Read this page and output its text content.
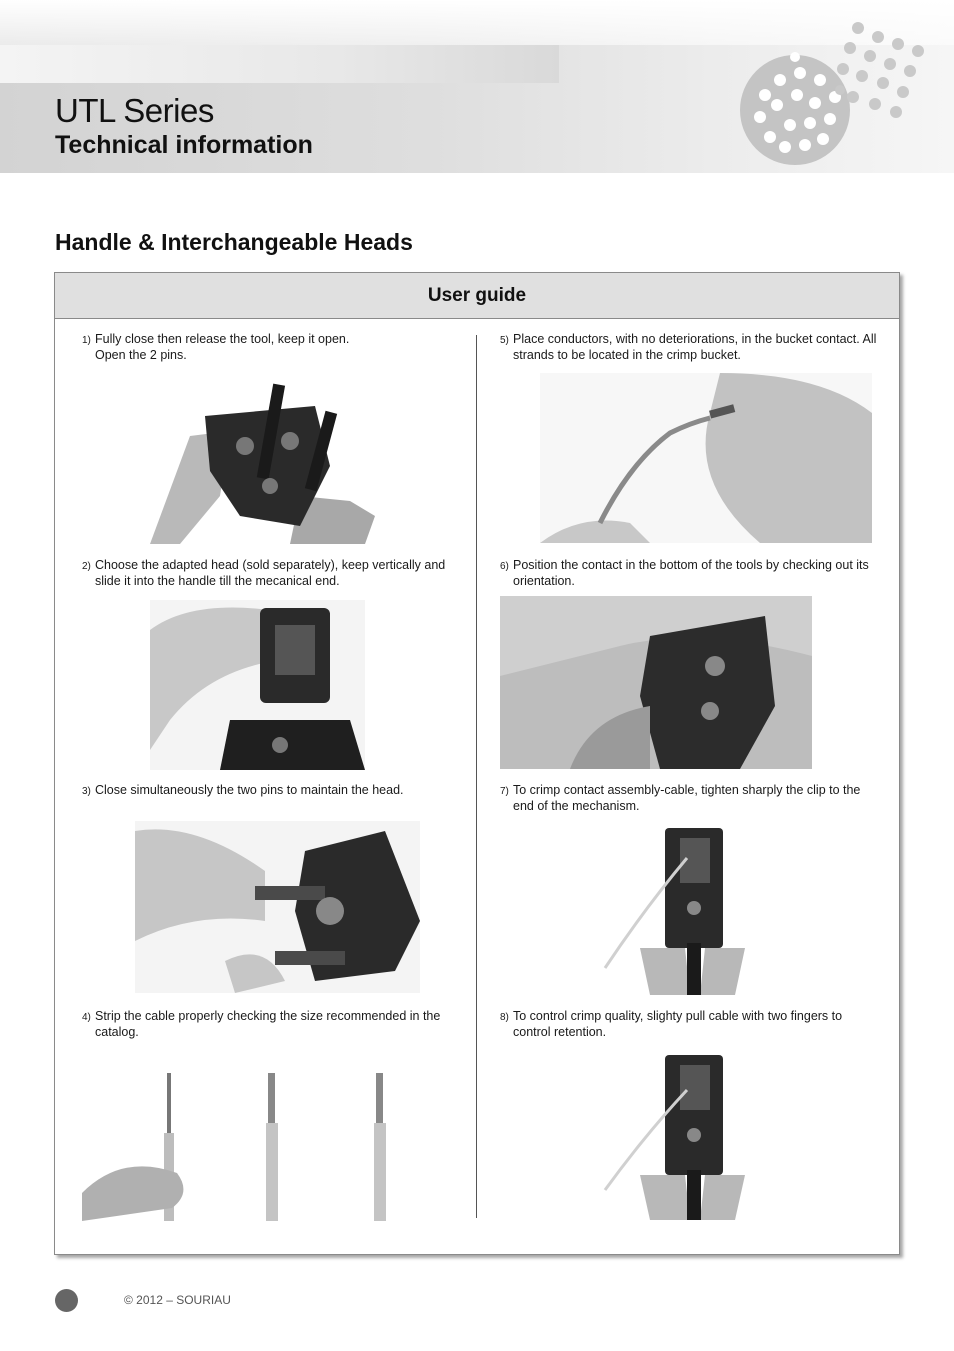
UTL Series
Technical information
Handle & Interchangeable Heads
User guide
1) Fully close then release the tool, keep it open.
Open the 2 pins.
2) Choose the adapted head (sold separately), keep vertically and slide it into the handle till the mecanical end.
3) Close simultaneously the two pins to maintain the head.
4) Strip the cable properly checking the size recommended in the catalog.
5) Place conductors, with no deteriorations, in the bucket contact. All strands to be located in the crimp bucket.
6) Position the contact in the bottom of the tools by checking out its orientation.
7) To crimp contact assembly-cable, tighten sharply the clip to the end of the mechanism.
8) To control crimp quality, slighty pull cable with two fingers to control retention.
© 2012 – SOURIAU
